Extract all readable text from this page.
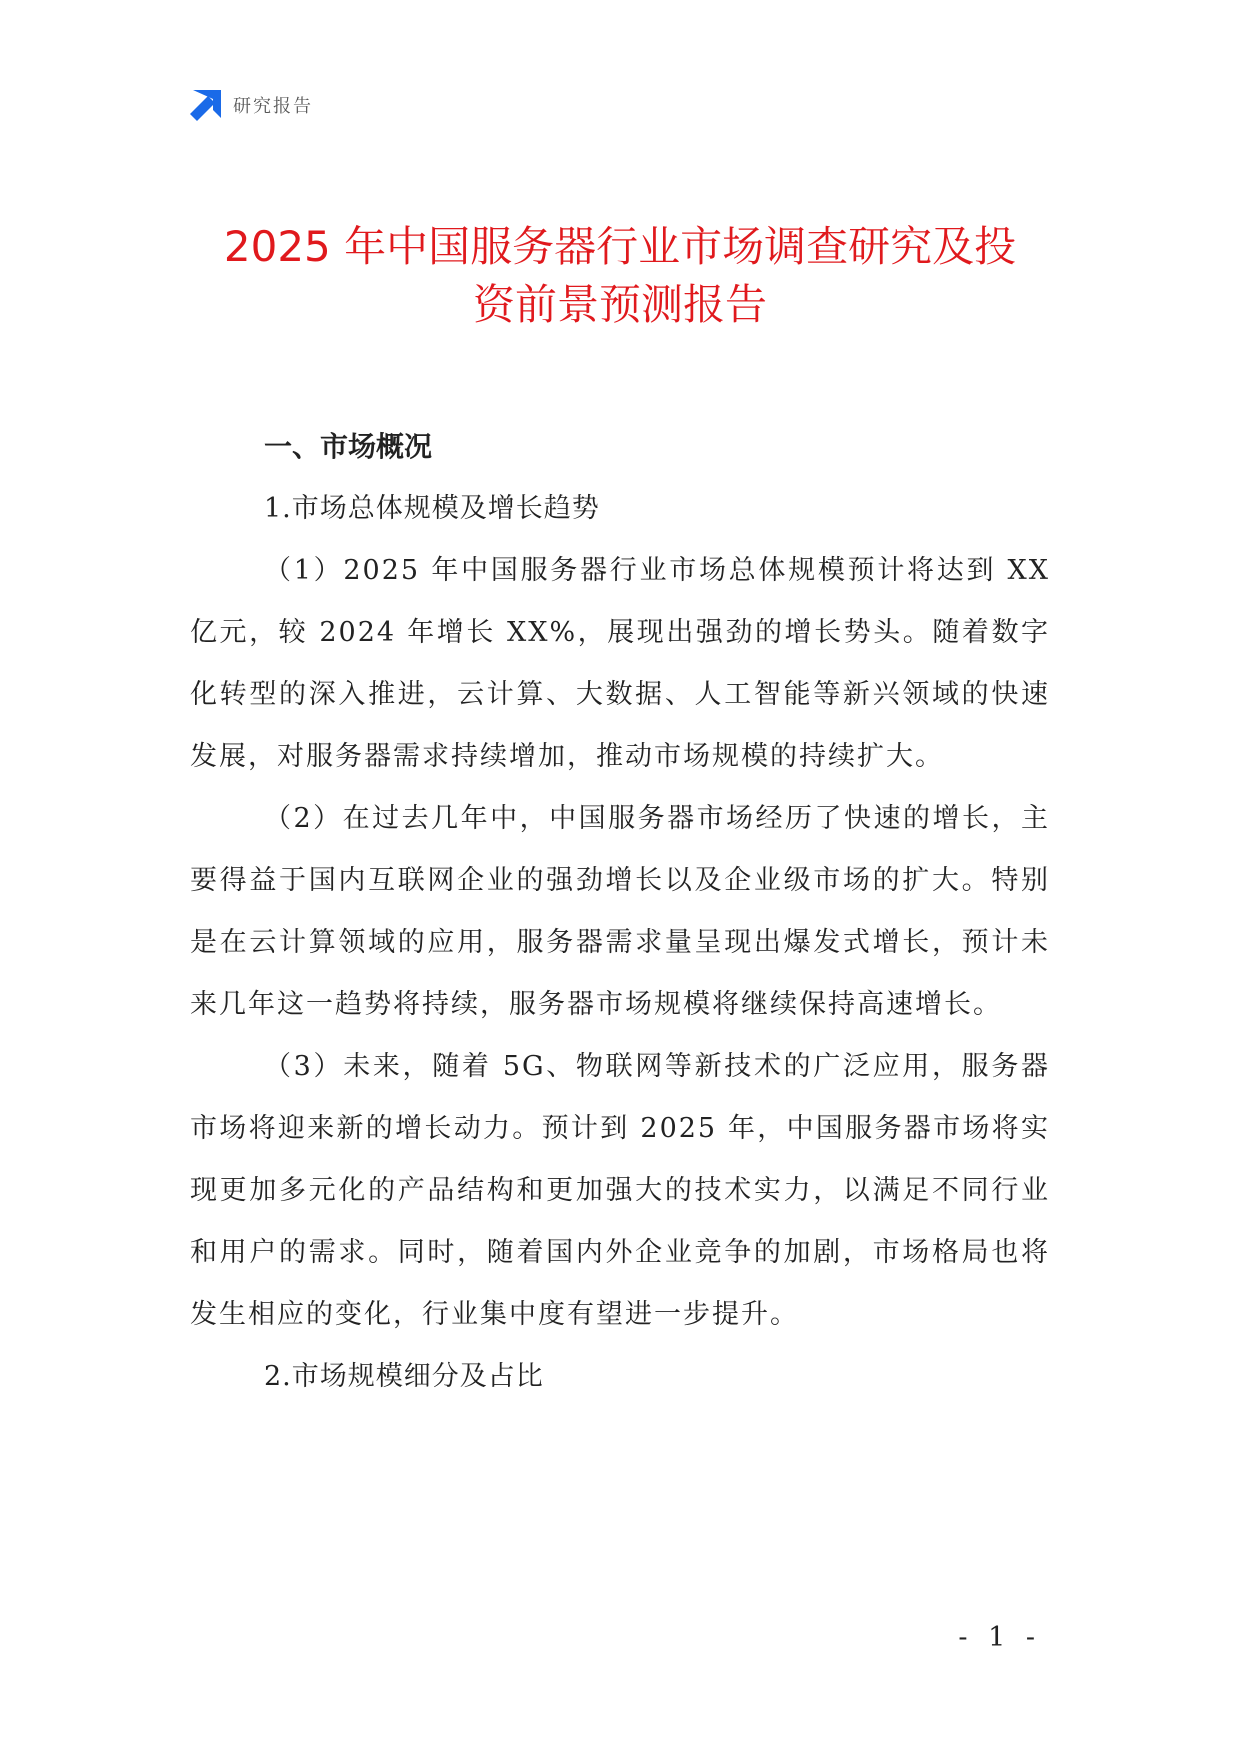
研究报告
2025 年中国服务器行业市场调查研究及投
资前景预测报告

一、市场概况

1.市场总体规模及增长趋势

（1）2025 年中国服务器行业市场总体规模预计将达到 XX 亿元，较 2024 年增长 XX%，展现出强劲的增长势头。随着数字化转型的深入推进，云计算、大数据、人工智能等新兴领域的快速发展，对服务器需求持续增加，推动市场规模的持续扩大。

（2）在过去几年中，中国服务器市场经历了快速的增长，主要得益于国内互联网企业的强劲增长以及企业级市场的扩大。特别是在云计算领域的应用，服务器需求量呈现出爆发式增长，预计未来几年这一趋势将持续，服务器市场规模将继续保持高速增长。

（3）未来，随着 5G、物联网等新技术的广泛应用，服务器市场将迎来新的增长动力。预计到 2025 年，中国服务器市场将实现更加多元化的产品结构和更加强大的技术实力，以满足不同行业和用户的需求。同时，随着国内外企业竞争的加剧，市场格局也将发生相应的变化，行业集中度有望进一步提升。

2.市场规模细分及占比

- 1 -
